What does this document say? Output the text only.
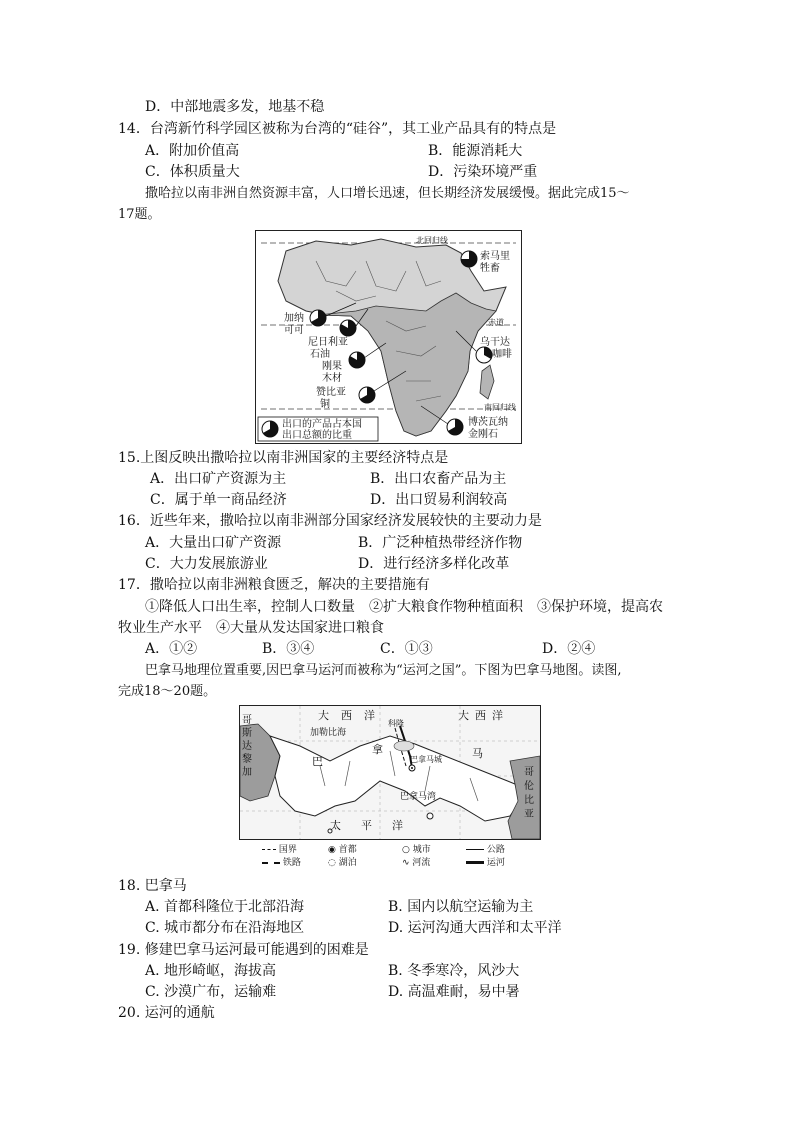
D．中部地震多发，地基不稳
14．台湾新竹科学园区被称为台湾的“硅谷”，其工业产品具有的特点是
A．附加价值高	B．能源消耗大
C．体积质量大	D．污染环境严重
撒哈拉以南非洲自然资源丰富，人口增长迅速，但长期经济发展缓慢。据此完成15～
17题。
北回归线
赤道
南回归线
索马里
牲畜
加纳
可可
尼日利亚
石油
乌干达
咖啡
刚果
木材
赞比亚
铜
博茨瓦纳
金刚石
出口的产品占本国
出口总额的比重
15.上图反映出撒哈拉以南非洲国家的主要经济特点是
A．出口矿产资源为主	B．出口农畜产品为主
C．属于单一商品经济	D．出口贸易利润较高
16．近些年来，撒哈拉以南非洲部分国家经济发展较快的主要动力是
A．大量出口矿产资源	B．广泛种植热带经济作物
C．大力发展旅游业	D．进行经济多样化改革
17．撒哈拉以南非洲粮食匮乏，解决的主要措施有
①降低人口出生率，控制人口数量　②扩大粮食作物种植面积　③保护环境，提高农
牧业生产水平　④大量从发达国家进口粮食
A．①②	B．③④	C．①③	D．②④
巴拿马地理位置重要,因巴拿马运河而被称为“运河之国”。下图为巴拿马地图。读图,
完成18～20题。
大西洋	大西洋
加勒比海
哥斯达黎加	哥伦比亚
巴
拿	马
巴拿马城
科隆
巴拿马湾
太平洋
国界	◉ 首都	○ 城市	公路
铁路	◌ 湖泊	∿ 河流	运河
18. 巴拿马
A. 首都科隆位于北部沿海	B. 国内以航空运输为主
C. 城市都分布在沿海地区	D. 运河沟通大西洋和太平洋
19. 修建巴拿马运河最可能遇到的困难是
A. 地形崎岖，海拔高	B. 冬季寒冷，风沙大
C. 沙漠广布，运输难	D. 高温难耐，易中暑
20. 运河的通航
